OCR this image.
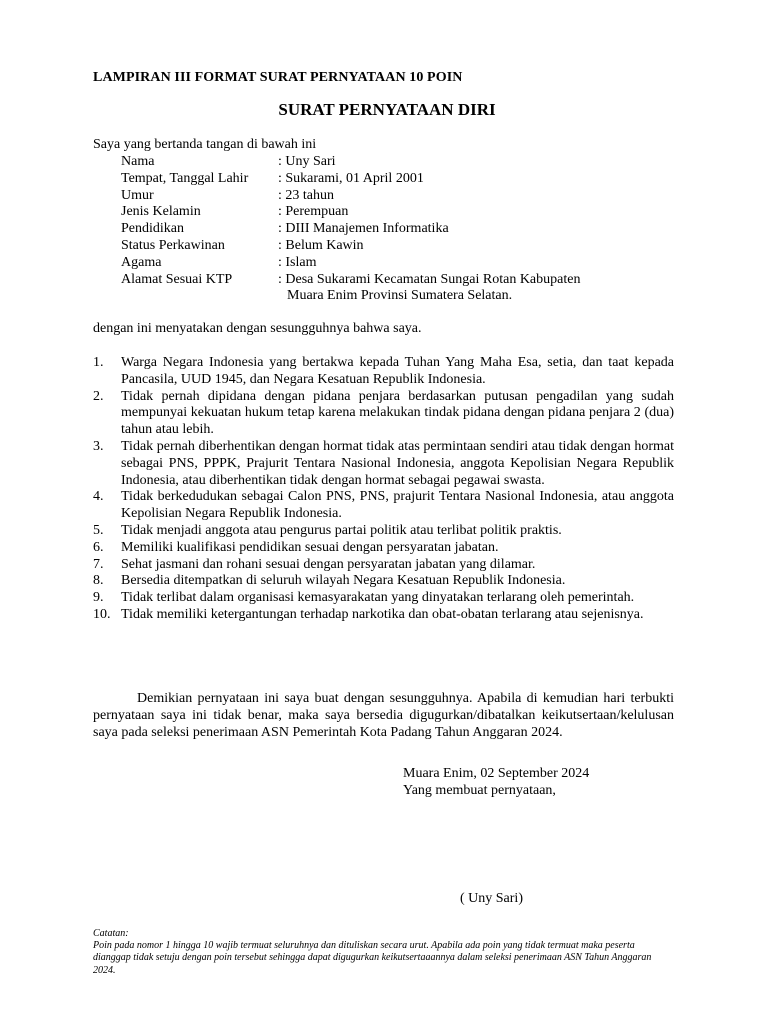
LAMPIRAN III FORMAT SURAT PERNYATAAN 10 POIN
SURAT PERNYATAAN DIRI
Saya yang bertanda tangan di bawah ini
Nama	: Uny Sari
Tempat, Tanggal Lahir	: Sukarami, 01 April 2001
Umur	: 23 tahun
Jenis Kelamin	: Perempuan
Pendidikan	: DIII Manajemen Informatika
Status Perkawinan	: Belum Kawin
Agama	: Islam
Alamat Sesuai KTP	: Desa Sukarami Kecamatan Sungai Rotan Kabupaten
Muara Enim Provinsi Sumatera Selatan.
dengan ini menyatakan dengan sesungguhnya bahwa saya.
1.	Warga Negara Indonesia yang bertakwa kepada Tuhan Yang Maha Esa, setia, dan taat kepada Pancasila, UUD 1945, dan Negara Kesatuan Republik Indonesia.
2.	Tidak pernah dipidana dengan pidana penjara berdasarkan putusan pengadilan yang sudah mempunyai kekuatan hukum tetap karena melakukan tindak pidana dengan pidana penjara 2 (dua) tahun atau lebih.
3.	Tidak pernah diberhentikan dengan hormat tidak atas permintaan sendiri atau tidak dengan hormat sebagai PNS, PPPK, Prajurit Tentara Nasional Indonesia, anggota Kepolisian Negara Republik Indonesia, atau diberhentikan tidak dengan hormat sebagai pegawai swasta.
4.	Tidak berkedudukan sebagai Calon PNS, PNS, prajurit Tentara Nasional Indonesia, atau anggota Kepolisian Negara Republik Indonesia.
5.	Tidak menjadi anggota atau pengurus partai politik atau terlibat politik praktis.
6.	Memiliki kualifikasi pendidikan sesuai dengan persyaratan jabatan.
7.	Sehat jasmani dan rohani sesuai dengan persyaratan jabatan yang dilamar.
8.	Bersedia ditempatkan di seluruh wilayah Negara Kesatuan Republik Indonesia.
9.	Tidak terlibat dalam organisasi kemasyarakatan yang dinyatakan terlarang oleh pemerintah.
10. Tidak memiliki ketergantungan terhadap narkotika dan obat-obatan terlarang atau sejenisnya.
Demikian pernyataan ini saya buat dengan sesungguhnya. Apabila di kemudian hari terbukti pernyataan saya ini tidak benar, maka saya bersedia digugurkan/dibatalkan keikutsertaan/kelulusan saya pada seleksi penerimaan ASN Pemerintah Kota Padang Tahun Anggaran 2024.
Muara Enim, 02 September 2024
Yang membuat pernyataan,
( Uny Sari)
Catatan:
Poin pada nomor 1 hingga 10 wajib termuat seluruhnya dan dituliskan secara urut. Apabila ada poin yang tidak termuat maka peserta dianggap tidak setuju dengan poin tersebut sehingga dapat digugurkan keikutsertaaannya dalam seleksi penerimaan ASN Tahun Anggaran 2024.
